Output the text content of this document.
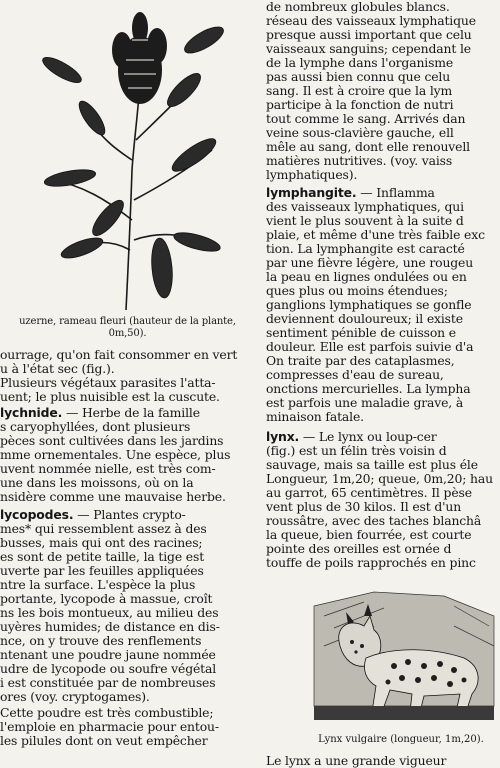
uzerne, rameau fleuri (hauteur de la plante,
0m,50).
ourrage, qu'on fait consommer en vert
u à l'état sec (fig.).
Plusieurs végétaux parasites l'atta-
uent; le plus nuisible est la cuscute.
lychnide. — Herbe de la famille
s caryophyllées, dont plusieurs
pèces sont cultivées dans les jardins
mme ornementales. Une espèce, plus
uvent nommée nielle, est très com-
une dans les moissons, où on la
nsidère comme une mauvaise herbe.
lycopodes. — Plantes crypto-
mes* qui ressemblent assez à des
busses, mais qui ont des racines;
es sont de petite taille, la tige est
uverte par les feuilles appliquées
ntre la surface. L'espèce la plus
portante, lycopode à massue, croît
ns les bois montueux, au milieu des
uyères humides; de distance en dis-
nce, on y trouve des renflements
ntenant une poudre jaune nommée
udre de lycopode ou soufre végétal
i est constituée par de nombreuses
ores (voy. cryptogames).
Cette poudre est très combustible;
l'emploie en pharmacie pour entou-
les pilules dont on veut empêcher
de nombreux globules blancs.
réseau des vaisseaux lymphatique
presque aussi important que celu
vaisseaux sanguins; cependant le
de la lymphe dans l'organisme
pas aussi bien connu que celu
sang. Il est à croire que la lym
participe à la fonction de nutri
tout comme le sang. Arrivés dan
veine sous-clavière gauche, ell
mêle au sang, dont elle renouvell
matières nutritives. (voy. vaiss
lymphatiques).
lymphangite. — Inflamma
des vaisseaux lymphatiques, qui
vient le plus souvent à la suite d
plaie, et même d'une très faible exc
tion. La lymphangite est caracté
par une fièvre légère, une rougeu
la peau en lignes ondulées ou en
ques plus ou moins étendues;
ganglions lymphatiques se gonfle
deviennent douloureux; il existe
sentiment pénible de cuisson e
douleur. Elle est parfois suivie d'a
On traite par des cataplasmes,
compresses d'eau de sureau,
onctions mercurielles. La lympha
est parfois une maladie grave, à
minaison fatale.
lynx. — Le lynx ou loup-cer
(fig.) est un félin très voisin d
sauvage, mais sa taille est plus éle
Longueur, 1m,20; queue, 0m,20; hau
au garrot, 65 centimètres. Il pèse
vent plus de 30 kilos. Il est d'un
roussâtre, avec des taches blanchâ
la queue, bien fourrée, est courte
pointe des oreilles est ornée d
touffe de poils rapprochés en pinc
Lynx vulgaire (longueur, 1m,20).
Le lynx a une grande vigueur
